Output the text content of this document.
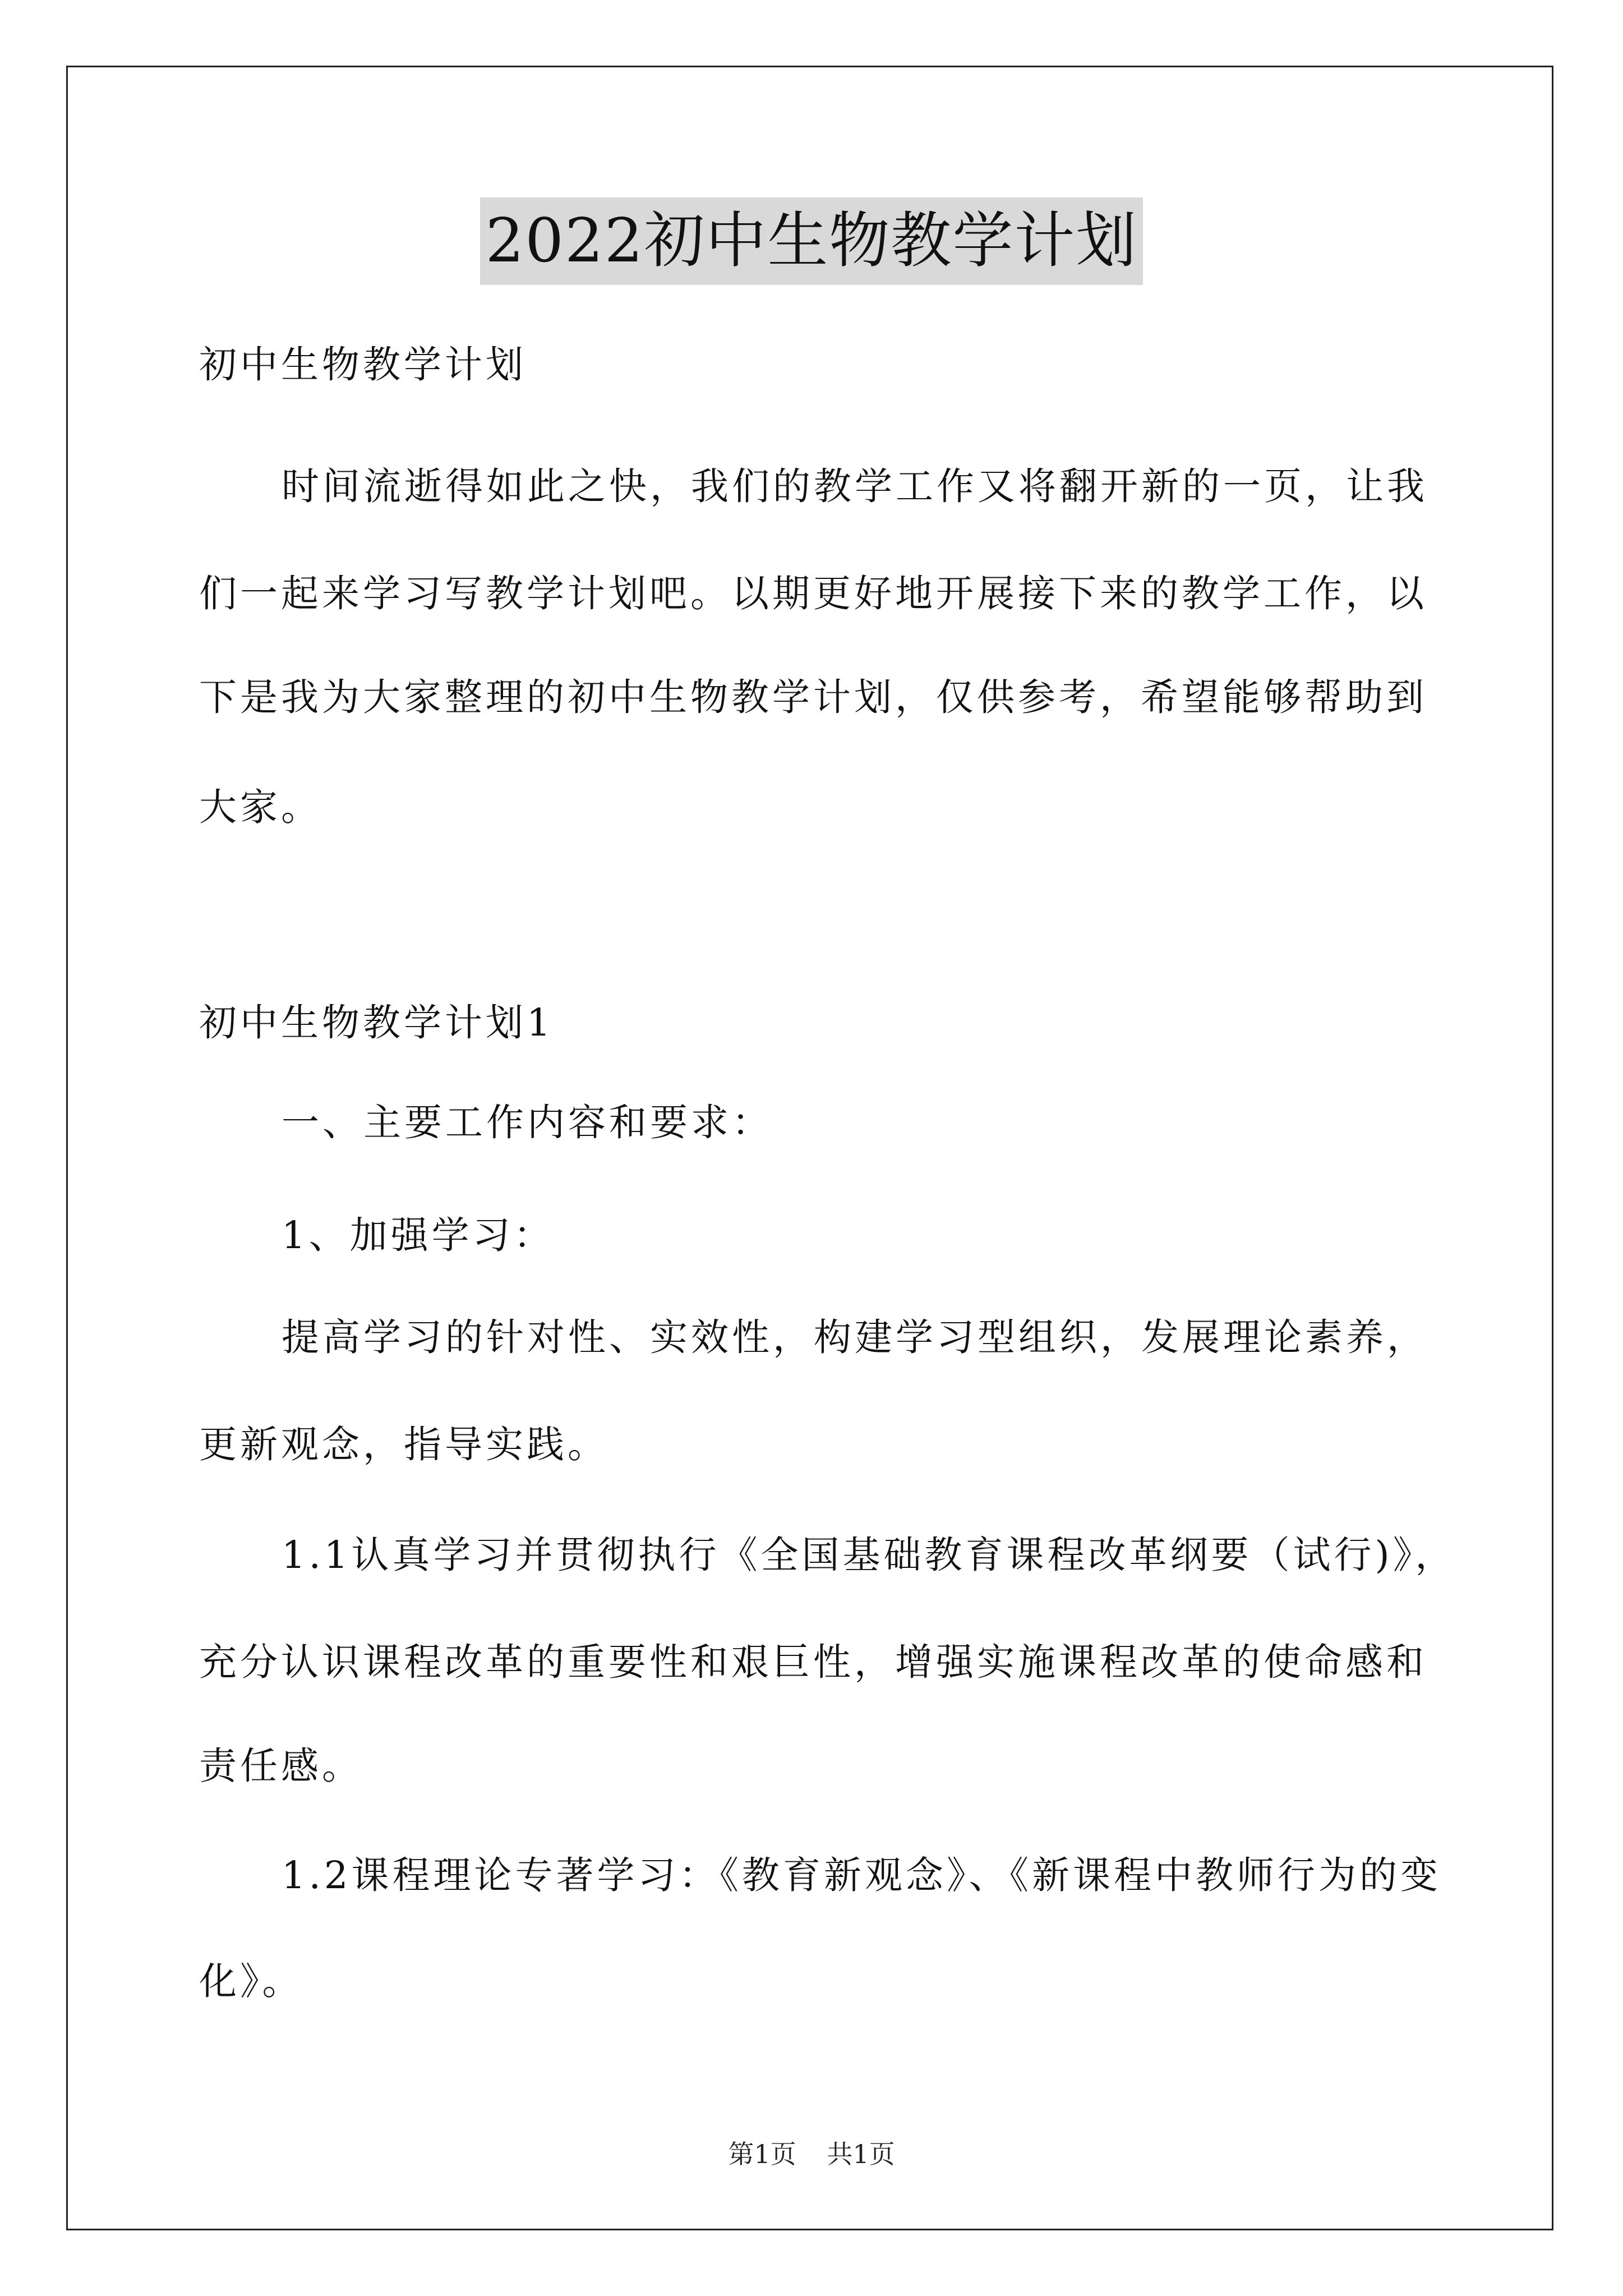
2022初中生物教学计划
初中生物教学计划
时间流逝得如此之快，我们的教学工作又将翻开新的一页，让我
们一起来学习写教学计划吧。以期更好地开展接下来的教学工作，以
下是我为大家整理的初中生物教学计划，仅供参考，希望能够帮助到
大家。
初中生物教学计划1
一、主要工作内容和要求：
1、加强学习：
提高学习的针对性、实效性，构建学习型组织，发展理论素养，
更新观念，指导实践。
1.1认真学习并贯彻执行《全国基础教育课程改革纲要（试行)》，
充分认识课程改革的重要性和艰巨性，增强实施课程改革的使命感和
责任感。
1.2课程理论专著学习：《教育新观念》、《新课程中教师行为的变
化》。
第1页 共1页
